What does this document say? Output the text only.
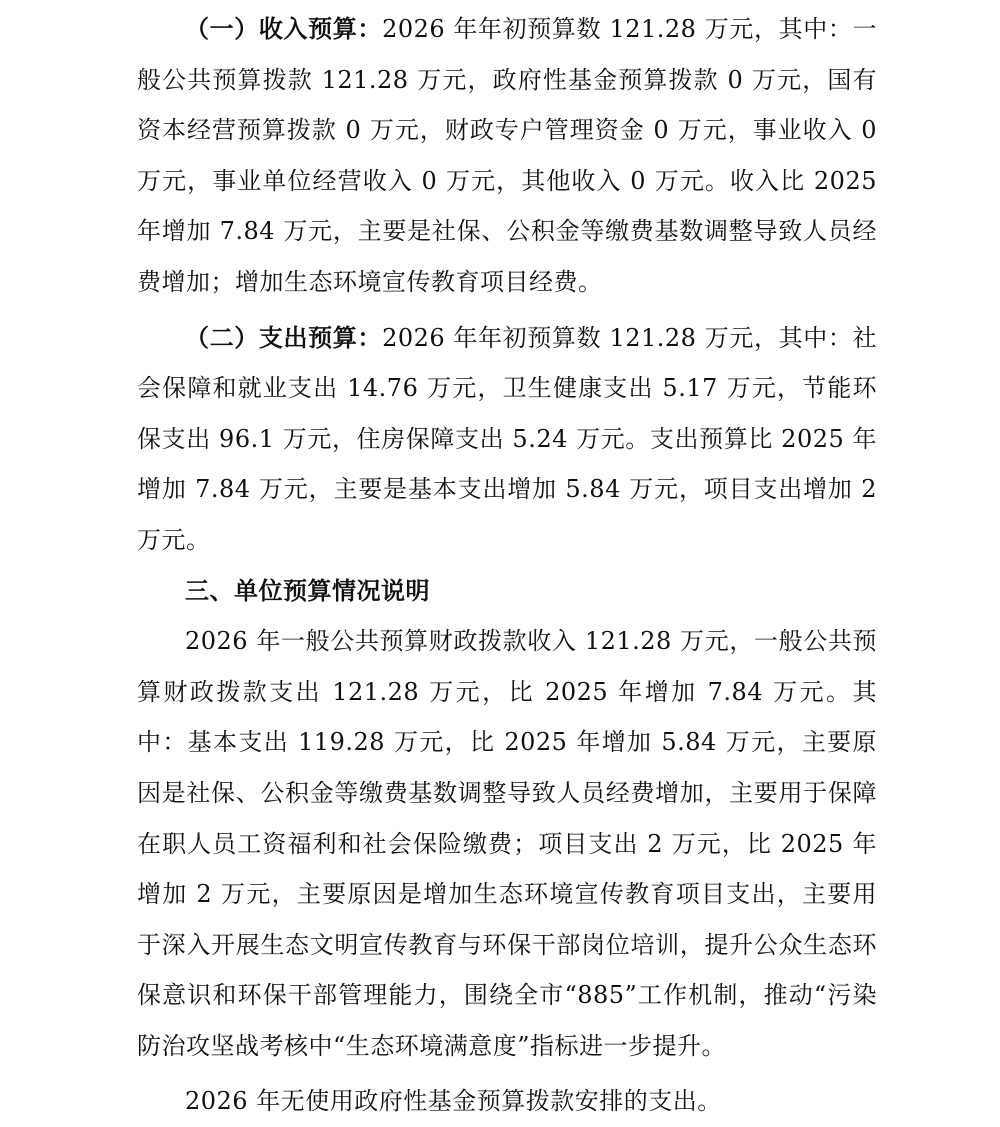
（一）收入预算：2026 年年初预算数 121.28 万元，其中：一般公共预算拨款 121.28 万元，政府性基金预算拨款 0 万元，国有资本经营预算拨款 0 万元，财政专户管理资金 0 万元，事业收入 0 万元，事业单位经营收入 0 万元，其他收入 0 万元。收入比 2025 年增加 7.84 万元，主要是社保、公积金等缴费基数调整导致人员经费增加；增加生态环境宣传教育项目经费。

（二）支出预算：2026 年年初预算数 121.28 万元，其中：社会保障和就业支出 14.76 万元，卫生健康支出 5.17 万元，节能环保支出 96.1 万元，住房保障支出 5.24 万元。支出预算比 2025 年增加 7.84 万元，主要是基本支出增加 5.84 万元，项目支出增加 2 万元。

三、单位预算情况说明

2026 年一般公共预算财政拨款收入 121.28 万元，一般公共预算财政拨款支出 121.28 万元，比 2025 年增加 7.84 万元。其中：基本支出 119.28 万元，比 2025 年增加 5.84 万元，主要原因是社保、公积金等缴费基数调整导致人员经费增加，主要用于保障在职人员工资福利和社会保险缴费；项目支出 2 万元，比 2025 年增加 2 万元，主要原因是增加生态环境宣传教育项目支出，主要用于深入开展生态文明宣传教育与环保干部岗位培训，提升公众生态环保意识和环保干部管理能力，围绕全市“885”工作机制，推动“污染防治攻坚战考核中“生态环境满意度”指标进一步提升。

2026 年无使用政府性基金预算拨款安排的支出。
